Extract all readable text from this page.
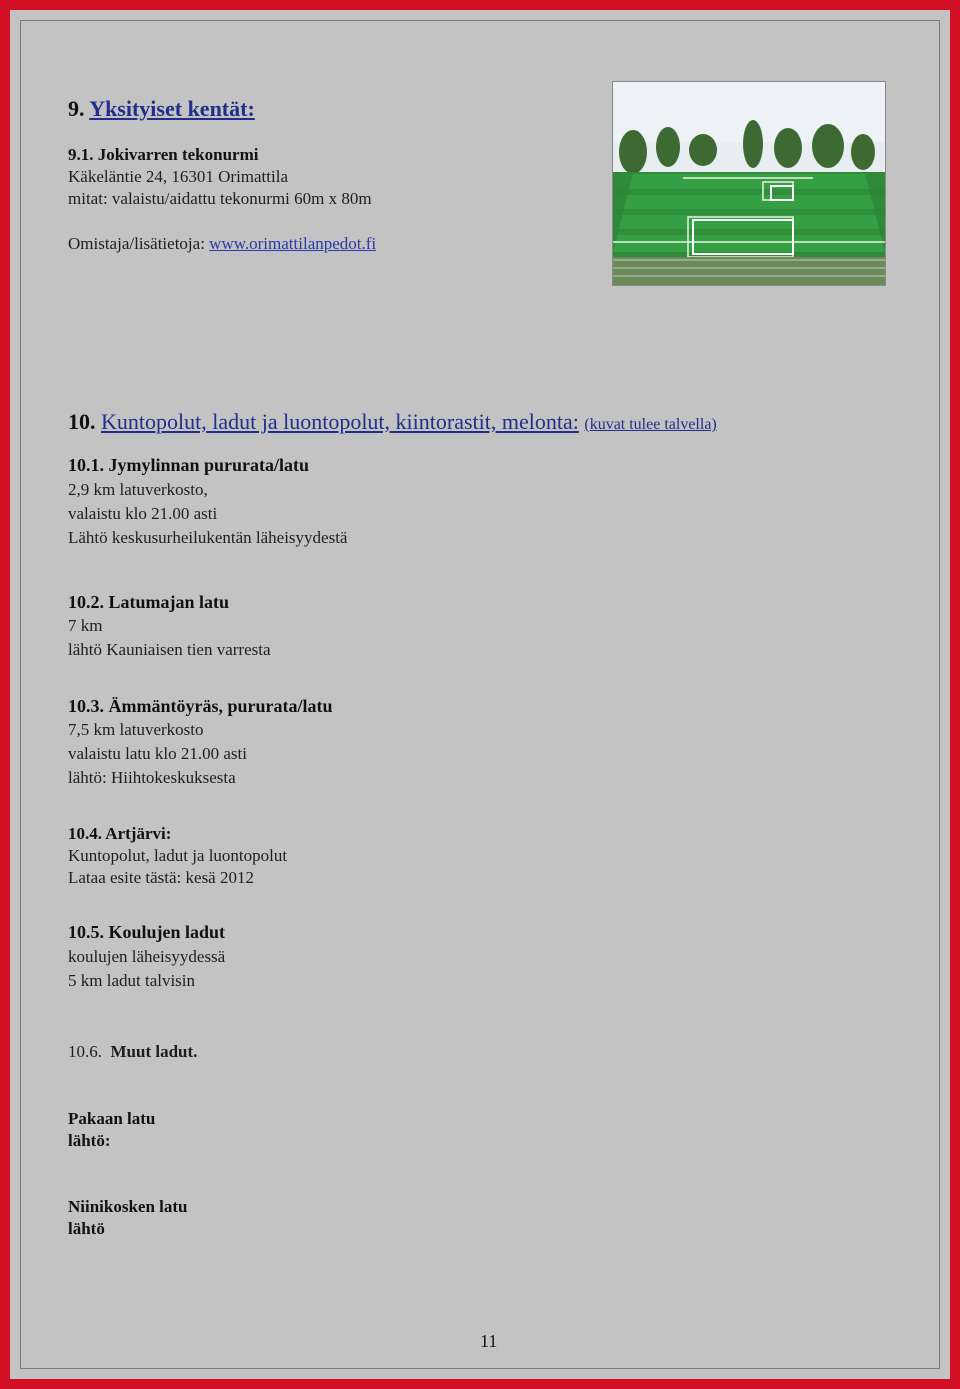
9. Yksityiset kentät:
9.1. Jokivarren tekonurmi
Käkeläntie 24, 16301 Orimattila
mitat: valaistu/aidattu tekonurmi 60m x 80m
Omistaja/lisätietoja: www.orimattilanpedot.fi
10. Kuntopolut, ladut ja luontopolut, kiintorastit, melonta: (kuvat tulee talvella)
10.1. Jymylinnan pururata/latu
2,9 km latuverkosto,
valaistu klo 21.00 asti
Lähtö keskusurheilukentän läheisyydestä
10.2. Latumajan latu
7 km
lähtö Kauniaisen tien varresta
10.3. Ämmäntöyräs, pururata/latu
7,5 km latuverkosto
valaistu latu klo 21.00 asti
lähtö: Hiihtokeskuksesta
10.4. Artjärvi:
Kuntopolut, ladut ja luontopolut
Lataa esite tästä: kesä 2012
10.5. Koulujen ladut
koulujen läheisyydessä
5 km ladut talvisin
10.6. Muut ladut.
Pakaan latu
lähtö:
Niinikosken latu
lähtö
11
